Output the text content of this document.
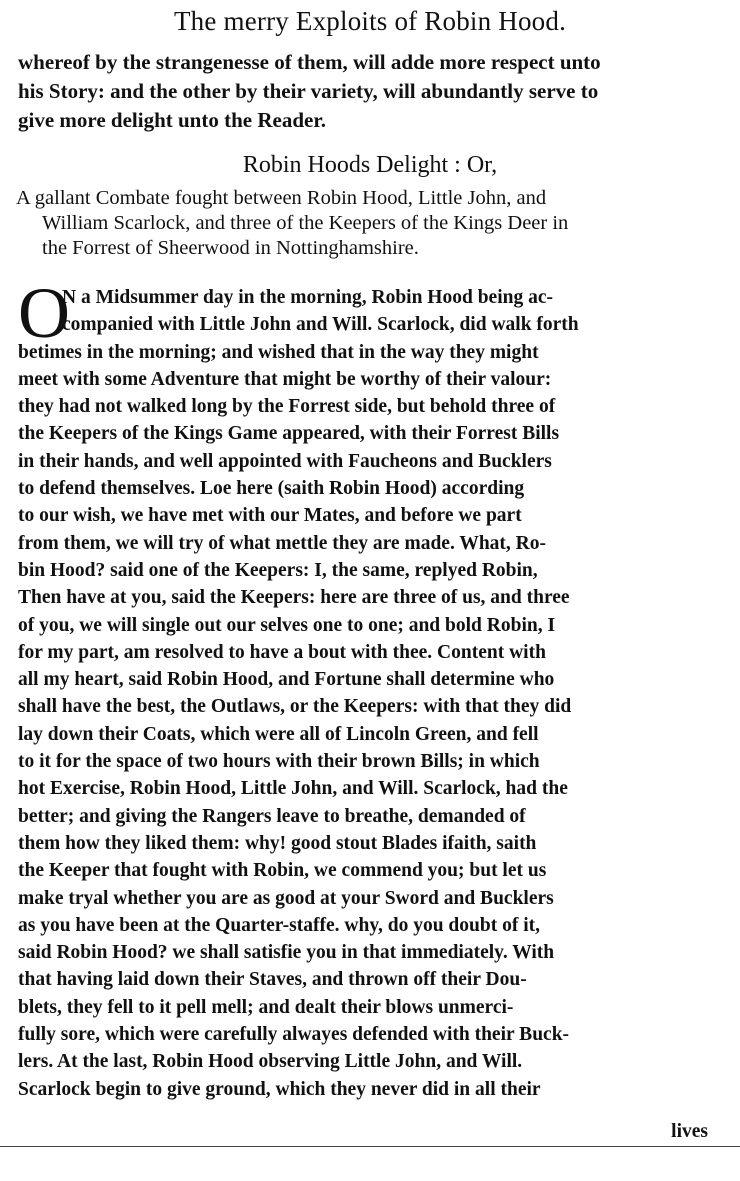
The merry Exploits of Robin Hood.
whereof by the strangenesse of them, will adde more respect unto
his Story: and the other by their variety, will abundantly serve to
give more delight unto the Reader.
Robin Hoods Delight : Or,
A gallant Combate fought between Robin Hood, Little John, and
William Scarlock, and three of the Keepers of the Kings Deer in
the Forrest of Sheerwood in Nottinghamshire.
O
N a Midsummer day in the morning, Robin Hood being ac-
companied with Little John and Will. Scarlock, did walk forth
betimes in the morning; and wished that in the way they might
meet with some Adventure that might be worthy of their valour:
they had not walked long by the Forrest side, but behold three of
the Keepers of the Kings Game appeared, with their Forrest Bills
in their hands, and well appointed with Faucheons and Bucklers
to defend themselves. Loe here (saith Robin Hood) according
to our wish, we have met with our Mates, and before we part
from them, we will try of what mettle they are made. What, Ro-
bin Hood? said one of the Keepers: I, the same, replyed Robin,
Then have at you, said the Keepers: here are three of us, and three
of you, we will single out our selves one to one; and bold Robin, I
for my part, am resolved to have a bout with thee. Content with
all my heart, said Robin Hood, and Fortune shall determine who
shall have the best, the Outlaws, or the Keepers: with that they did
lay down their Coats, which were all of Lincoln Green, and fell
to it for the space of two hours with their brown Bills; in which
hot Exercise, Robin Hood, Little John, and Will. Scarlock, had the
better; and giving the Rangers leave to breathe, demanded of
them how they liked them: why! good stout Blades ifaith, saith
the Keeper that fought with Robin, we commend you; but let us
make tryal whether you are as good at your Sword and Bucklers
as you have been at the Quarter-staffe. why, do you doubt of it,
said Robin Hood? we shall satisfie you in that immediately. With
that having laid down their Staves, and thrown off their Dou-
blets, they fell to it pell mell; and dealt their blows unmerci-
fully sore, which were carefully alwayes defended with their Buck-
lers. At the last, Robin Hood observing Little John, and Will.
Scarlock begin to give ground, which they never did in all their
lives
